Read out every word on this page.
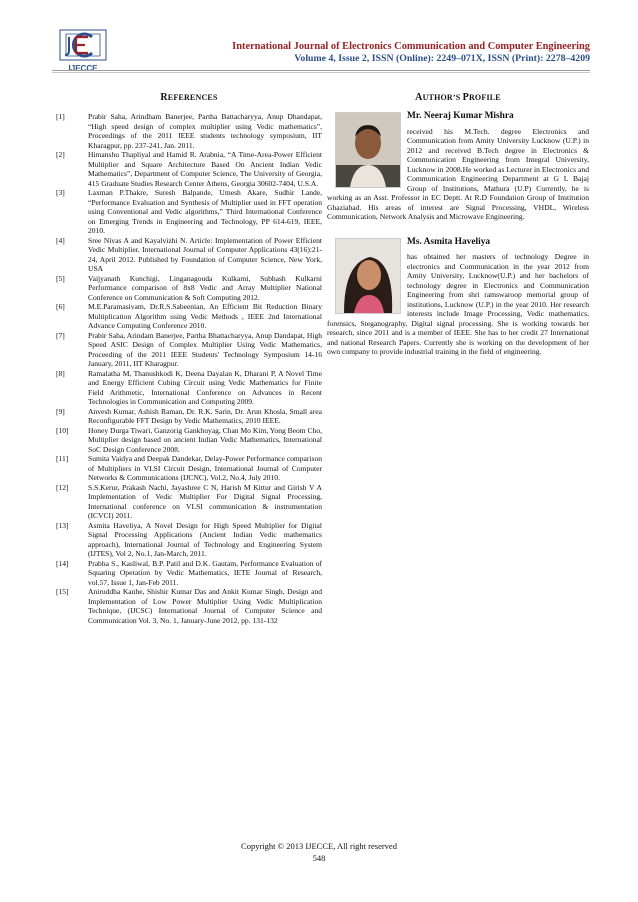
IJECCE
International Journal of Electronics Communication and Computer Engineering
Volume 4, Issue 2, ISSN (Online): 2249–071X, ISSN (Print): 2278–4209
REFERENCES
[1]	Prabir Saha, Arindham Banerjee, Partha Battacharyya, Anup Dhandapat, “High speed design of complex multiplier using Vedic mathematics”, Proceedings of the 2011 IEEE students technology symposium, IIT Kharagpur, pp. 237-241, Jan. 2011.
[2]	Himanshu Thapliyal and Hamid R. Arabnia, “A Time-Area-Power Efficient Multiplier and Square Architecture Based On Ancient Indian Vedic Mathematics”, Department of Computer Science, The University of Georgia, 415 Graduate Studies Research Center Athens, Georgia 30602-7404, U.S.A.
[3]	Laxman P.Thakre, Suresh Balpande, Umesh Akare, Sudhir Lande, “Performance Evaluation and Synthesis of Multiplier used in FFT operation using Conventional and Vedic algorithms,” Third International Conference on Emerging Trends in Engineering and Technology, PP 614-619, IEEE, 2010.
[4]	Sree Nivas A and Kayalvizhi N. Article: Implementation of Power Efficient Vedic Multiplier. International Journal of Computer Applications 43(16):21-24, April 2012. Published by Foundation of Computer Science, New York, USA
[5]	Vaijyanath Kunchigi, Linganagouda Kulkarni, Subhash Kulkarni Performance comparison of 8x8 Vedic and Array Multiplier National Conference on Communication & Soft Computing 2012.
[6]	M.E.Paramasivam, Dr.R.S.Sabeenian, An Efficient Bit Reduction Binary Multiplication Algorithm using Vedic Methods , IEEE 2nd International Advance Computing Conference 2010.
[7]	Prabir Saha, Arindam Banerjee, Partha Bhattacharyya, Anup Dandapat, High Speed ASIC Design of Complex Multiplier Using Vedic Mathematics, Proceeding of the 2011 IEEE Students' Technology Symposium 14-16 January, 2011, IIT Kharagpur.
[8]	Ramalatha M, Thanushkodi K, Deena Dayalan K, Dharani P, A Novel Time and Energy Efficient Cubing Circuit using Vedic Mathematics for Finite Field Arithmetic, International Conference on Advances in Recent Technologies in Communication and Computing 2009.
[9]	Anvesh Kumar, Ashish Raman, Dr. R.K. Sarin, Dr. Arun Khosla, Small area Reconfigurable FFT Design by Vedic Mathematics, 2010 IEEE.
[10]	Honey Durga Tiwari, Ganzorig Gankhuyag, Chan Mo Kim, Yong Beom Cho, Multiplier design based on ancient Indian Vedic Mathematics, International SoC Design Conference 2008.
[11]	Sumita Vaidya and Deepak Dandekar, Delay-Power Performance comparison of Multipliers in VLSI Circuit Design, International Journal of Computer Networks & Communications (IJCNC), Vol.2, No.4, July 2010.
[12]	S.S.Kerur, Prakash Nachi, Jayashree C N, Harish M Kittur and Girish V A Implementation of Vedic Multiplier For Digital Signal Processing, International conference on VLSI communication & instrumentation (ICVCI) 2011.
[13]	Asmita Haveliya, A Novel Design for High Speed Multiplier for Digital Signal Processing Applications (Ancient Indian Vedic mathematics approach), International Journal of Technology and Engineering System (IJTES), Vol 2, No.1, Jan-March, 2011.
[14]	Prabha S., Kasliwal, B.P. Patil and D.K. Gautam, Performance Evaluation of Squaring Operation by Vedic Mathematics, IETE Journal of Research, vol.57, Issue 1, Jan-Feb 2011.
[15]	Aniruddha Kanhe, Shishir Kumar Das and Ankit Kumar Singh, Design and Implementation of Low Power Multiplier Using Vedic Multiplication Technique, (IJCSC) International Journal of Computer Science and Communication Vol. 3, No. 1, January-June 2012, pp. 131-132
AUTHOR’S PROFILE
Mr. Neeraj Kumar Mishra
received his M.Tech. degree Electronics and Communication from Amity University Lucknow (U.P.) in 2012 and received B.Tech degree in Electronics & Communication Engineering from Integral University, Lucknow in 2008.He worked as Lecturer in Electronics and Communication Engineering Department at G L Bajaj Group of Institutions, Mathura (U.P) Currently, he is working as an Asst. Professor in EC Deptt. At R.D Foundation Group of Institution Ghaziabad. His areas of interest are Signal Processing, VHDL, Wireless Communication, Network Analysis and Microwave Engineering.
Ms. Asmita Haveliya
has obtained her masters of technology Degree in electronics and Communication in the year 2012 from Amity University, Lucknow(U.P.) and her bachelors of technology degree in Electronics and Communication Engineering from shri ramswaroop memorial group of institutions, Lucknow (U.P.) in the year 2010. Her research interests include Image Processing, Vedic mathematics, forensics, Steganography, Digital signal processing. She is working towards her research, since 2011 and is a member of IEEE. She has to her credit 27 International and national Research Papers. Currently she is working on the development of her own company to provide industrial training in the field of engineering.
Copyright © 2013 IJECCE, All right reserved
548
